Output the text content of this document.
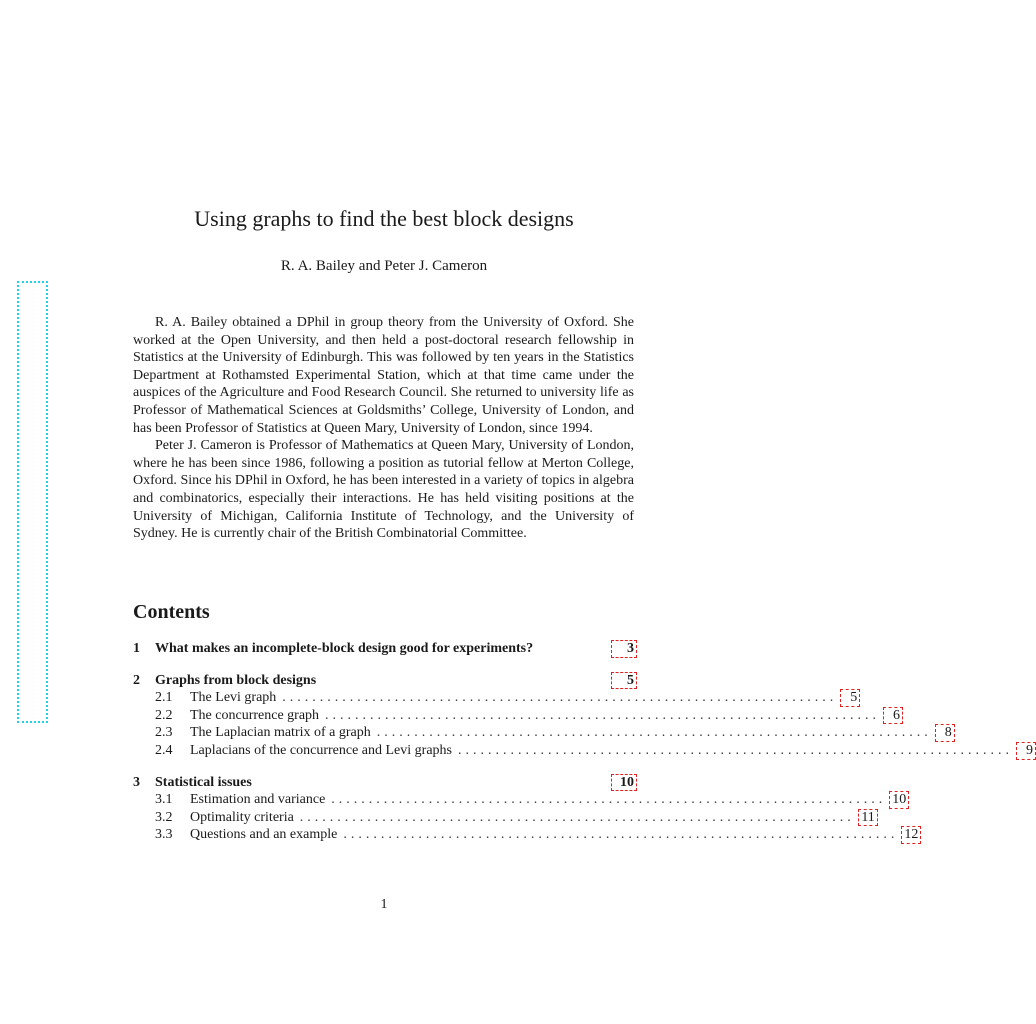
Using graphs to find the best block designs
R. A. Bailey and Peter J. Cameron

R. A. Bailey obtained a DPhil in group theory from the University of Oxford. She worked at the Open University, and then held a post-doctoral research fellowship in Statistics at the University of Edinburgh. This was followed by ten years in the Statistics Department at Rothamsted Experimental Station, which at that time came under the auspices of the Agriculture and Food Research Council. She returned to university life as Professor of Mathematical Sciences at Goldsmiths’ College, University of London, and has been Professor of Statistics at Queen Mary, University of London, since 1994.

Peter J. Cameron is Professor of Mathematics at Queen Mary, University of London, where he has been since 1986, following a position as tutorial fellow at Merton College, Oxford. Since his DPhil in Oxford, he has been interested in a variety of topics in algebra and combinatorics, especially their interactions. He has held visiting positions at the University of Michigan, California Institute of Technology, and the University of Sydney. He is currently chair of the British Combinatorial Committee.

Contents
1	What makes an incomplete-block design good for experiments?	3
2	Graphs from block designs	5
2.1	The Levi graph .......................................................................... 5
2.2	The concurrence graph .......................................................................... 6
2.3	The Laplacian matrix of a graph .......................................................................... 8
2.4	Laplacians of the concurrence and Levi graphs .......................................................................... 9
3	Statistical issues	10
3.1	Estimation and variance .......................................................................... 10
3.2	Optimality criteria .......................................................................... 11
3.3	Questions and an example .......................................................................... 12
1
